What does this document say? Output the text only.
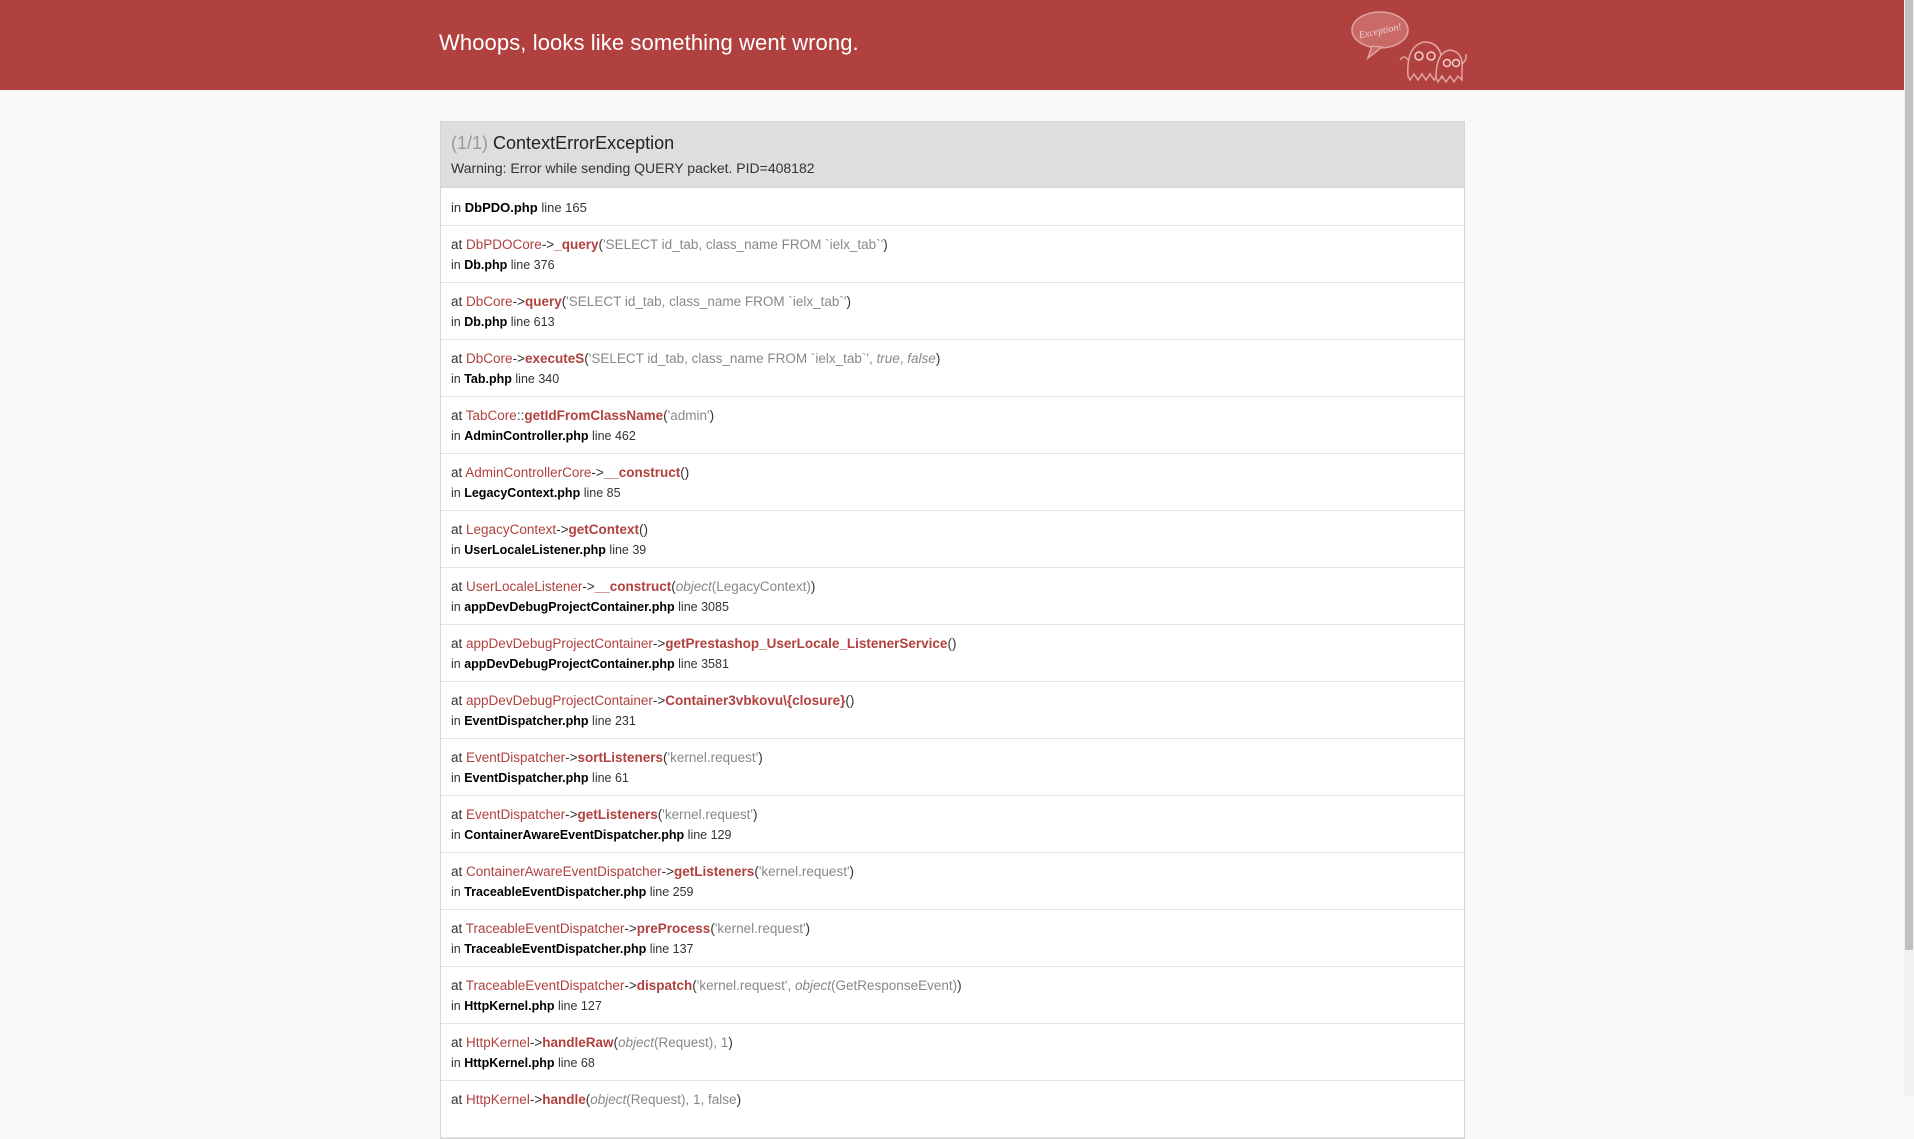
Whoops, looks like something went wrong.	Exception!
(1/1) ContextErrorException
Warning: Error while sending QUERY packet. PID=408182
in DbPDO.php line 165
at DbPDOCore->_query('SELECT id_tab, class_name FROM `ielx_tab`')
in Db.php line 376
at DbCore->query('SELECT id_tab, class_name FROM `ielx_tab`')
in Db.php line 613
at DbCore->executeS('SELECT id_tab, class_name FROM `ielx_tab`', true, false)
in Tab.php line 340
at TabCore::getIdFromClassName('admin')
in AdminController.php line 462
at AdminControllerCore->__construct()
in LegacyContext.php line 85
at LegacyContext->getContext()
in UserLocaleListener.php line 39
at UserLocaleListener->__construct(object(LegacyContext))
in appDevDebugProjectContainer.php line 3085
at appDevDebugProjectContainer->getPrestashop_UserLocale_ListenerService()
in appDevDebugProjectContainer.php line 3581
at appDevDebugProjectContainer->Container3vbkovu\{closure}()
in EventDispatcher.php line 231
at EventDispatcher->sortListeners('kernel.request')
in EventDispatcher.php line 61
at EventDispatcher->getListeners('kernel.request')
in ContainerAwareEventDispatcher.php line 129
at ContainerAwareEventDispatcher->getListeners('kernel.request')
in TraceableEventDispatcher.php line 259
at TraceableEventDispatcher->preProcess('kernel.request')
in TraceableEventDispatcher.php line 137
at TraceableEventDispatcher->dispatch('kernel.request', object(GetResponseEvent))
in HttpKernel.php line 127
at HttpKernel->handleRaw(object(Request), 1)
in HttpKernel.php line 68
at HttpKernel->handle(object(Request), 1, false)
